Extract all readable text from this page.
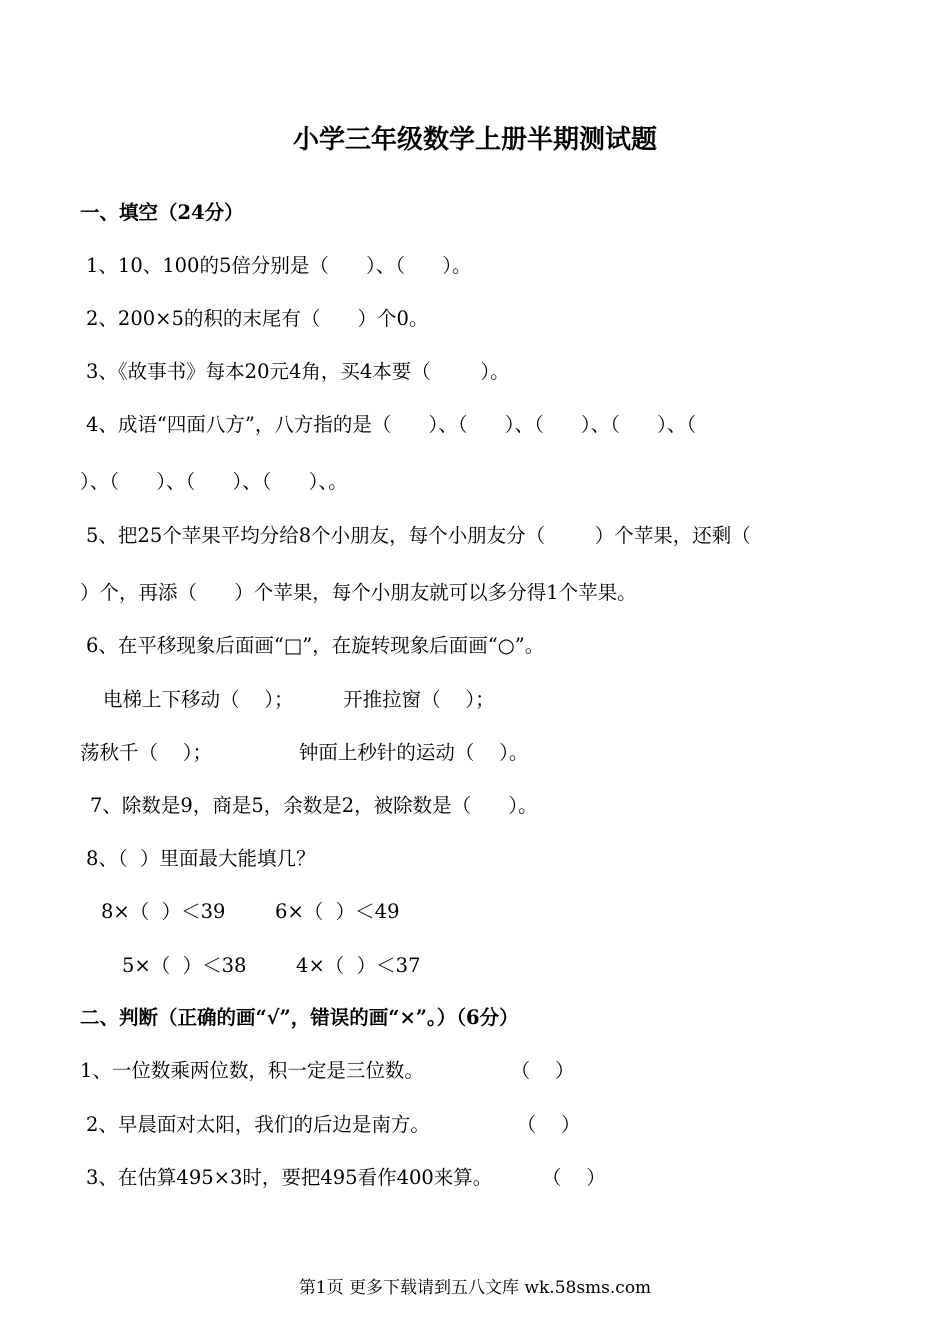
小学三年级数学上册半期测试题
一、填空（24分）
1、10、100的5倍分别是（      ）、（      ）。
2、200×5的积的末尾有（      ）个0。
3、《故事书》每本20元4角，买4本要（        ）。
4、成语“四面八方”，八方指的是（      ）、（      ）、（      ）、（      ）、（
）、（      ）、（      ）、（      ）、。
5、把25个苹果平均分给8个小朋友，每个小朋友分（        ）个苹果，还剩（
）个，再添（      ）个苹果，每个小朋友就可以多分得1个苹果。
6、在平移现象后面画“□”，在旋转现象后面画“○”。
电梯上下移动（    ）；        开推拉窗（    ）；
荡秋千（    ）；              钟面上秒针的运动（    ）。
7、除数是9，商是5，余数是2，被除数是（      ）。
8、（  ）里面最大能填几？
8×（  ）＜39        6×（  ）＜49
5×（  ）＜38        4×（  ）＜37
二、判断（正确的画“√”，错误的画“×”。）（6分）
1、一位数乘两位数，积一定是三位数。              （    ）
2、早晨面对太阳，我们的后边是南方。              （    ）
3、在估算495×3时，要把495看作400来算。        （    ）
第1页 更多下载请到五八文库 wk.58sms.com
